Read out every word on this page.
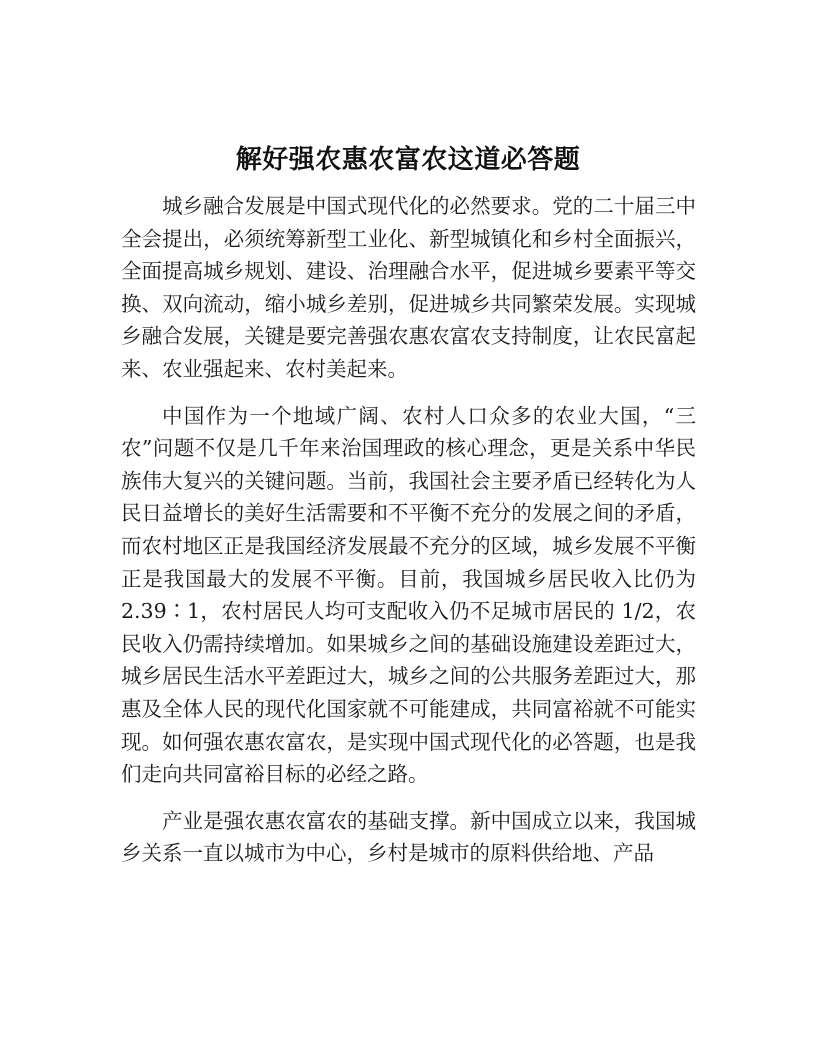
解好强农惠农富农这道必答题

城乡融合发展是中国式现代化的必然要求。党的二十届三中全会提出，必须统筹新型工业化、新型城镇化和乡村全面振兴，全面提高城乡规划、建设、治理融合水平，促进城乡要素平等交换、双向流动，缩小城乡差别，促进城乡共同繁荣发展。实现城乡融合发展，关键是要完善强农惠农富农支持制度，让农民富起来、农业强起来、农村美起来。

中国作为一个地域广阔、农村人口众多的农业大国，“三农”问题不仅是几千年来治国理政的核心理念，更是关系中华民族伟大复兴的关键问题。当前，我国社会主要矛盾已经转化为人民日益增长的美好生活需要和不平衡不充分的发展之间的矛盾，而农村地区正是我国经济发展最不充分的区域，城乡发展不平衡正是我国最大的发展不平衡。目前，我国城乡居民收入比仍为 2.39∶1，农村居民人均可支配收入仍不足城市居民的 1/2，农民收入仍需持续增加。如果城乡之间的基础设施建设差距过大，城乡居民生活水平差距过大，城乡之间的公共服务差距过大，那惠及全体人民的现代化国家就不可能建成，共同富裕就不可能实现。如何强农惠农富农，是实现中国式现代化的必答题，也是我们走向共同富裕目标的必经之路。

产业是强农惠农富农的基础支撑。新中国成立以来，我国城乡关系一直以城市为中心，乡村是城市的原料供给地、产品
